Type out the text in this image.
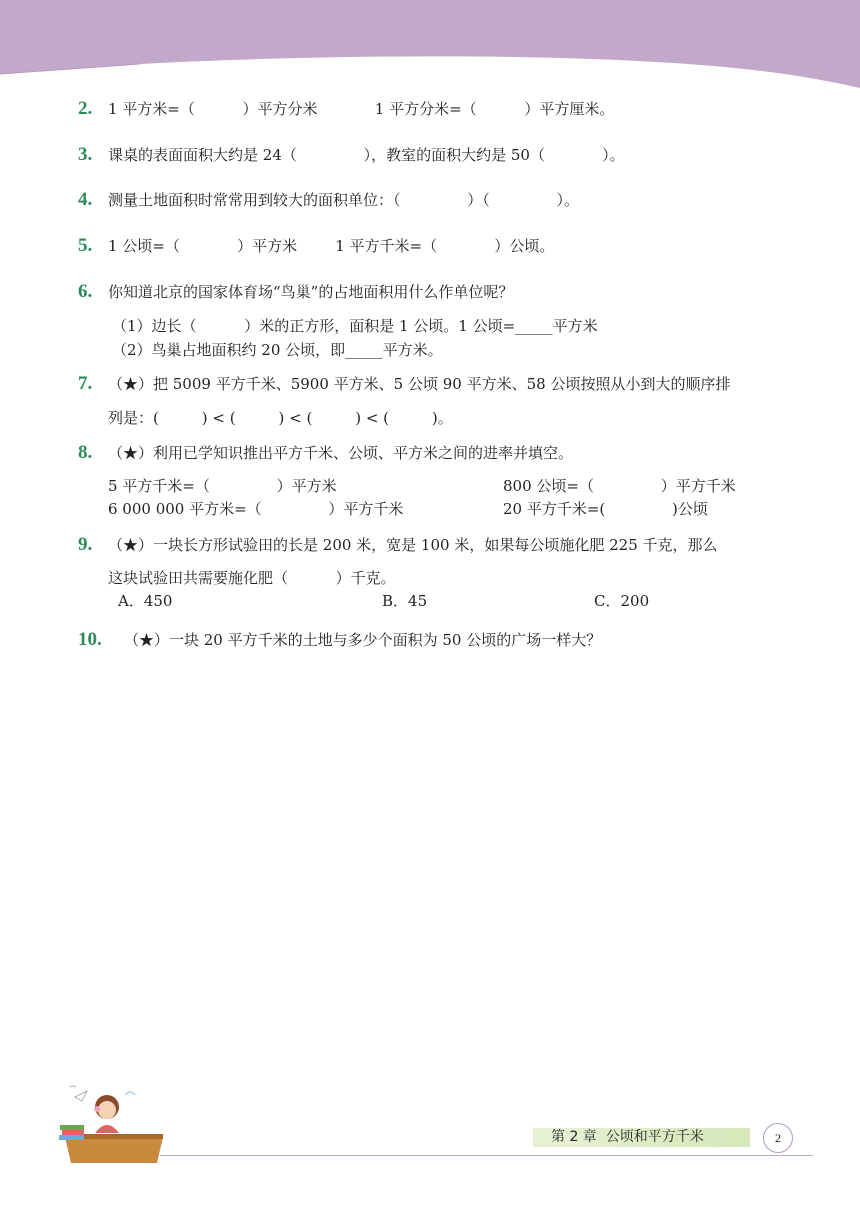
2. 1 平方米=（          ）平方分米            1 平方分米=（          ）平方厘米。
3. 课桌的表面面积大约是 24（              ），教室的面积大约是 50（            ）。
4. 测量土地面积时常常用到较大的面积单位：（              ）（              ）。
5. 1 公顷=（            ）平方米        1 平方千米=（            ）公顷。
6. 你知道北京的国家体育场“鸟巢”的占地面积用什么作单位呢？
（1）边长（          ）米的正方形，面积是 1 公顷。1 公顷=_____平方米
（2）鸟巢占地面积约 20 公顷，即_____平方米。
7. （★）把 5009 平方千米、5900 平方米、5 公顷 90 平方米、58 公顷按照从小到大的顺序排
列是：(         ) < (         ) < (         ) < (         )。
8. （★）利用已学知识推出平方千米、公顷、平方米之间的进率并填空。
5 平方千米=（              ）平方米	800 公顷=（              ）平方千米
6 000 000 平方米=（              ）平方千米	20 平方千米=(              )公顷
9. （★）一块长方形试验田的长是 200 米，宽是 100 米，如果每公顷施化肥 225 千克，那么
这块试验田共需要施化肥（          ）千克。
A．450	B．45	C．200
10. （★）一块 20 平方千米的土地与多少个面积为 50 公顷的广场一样大？
第 2 章  公顷和平方千米	2
